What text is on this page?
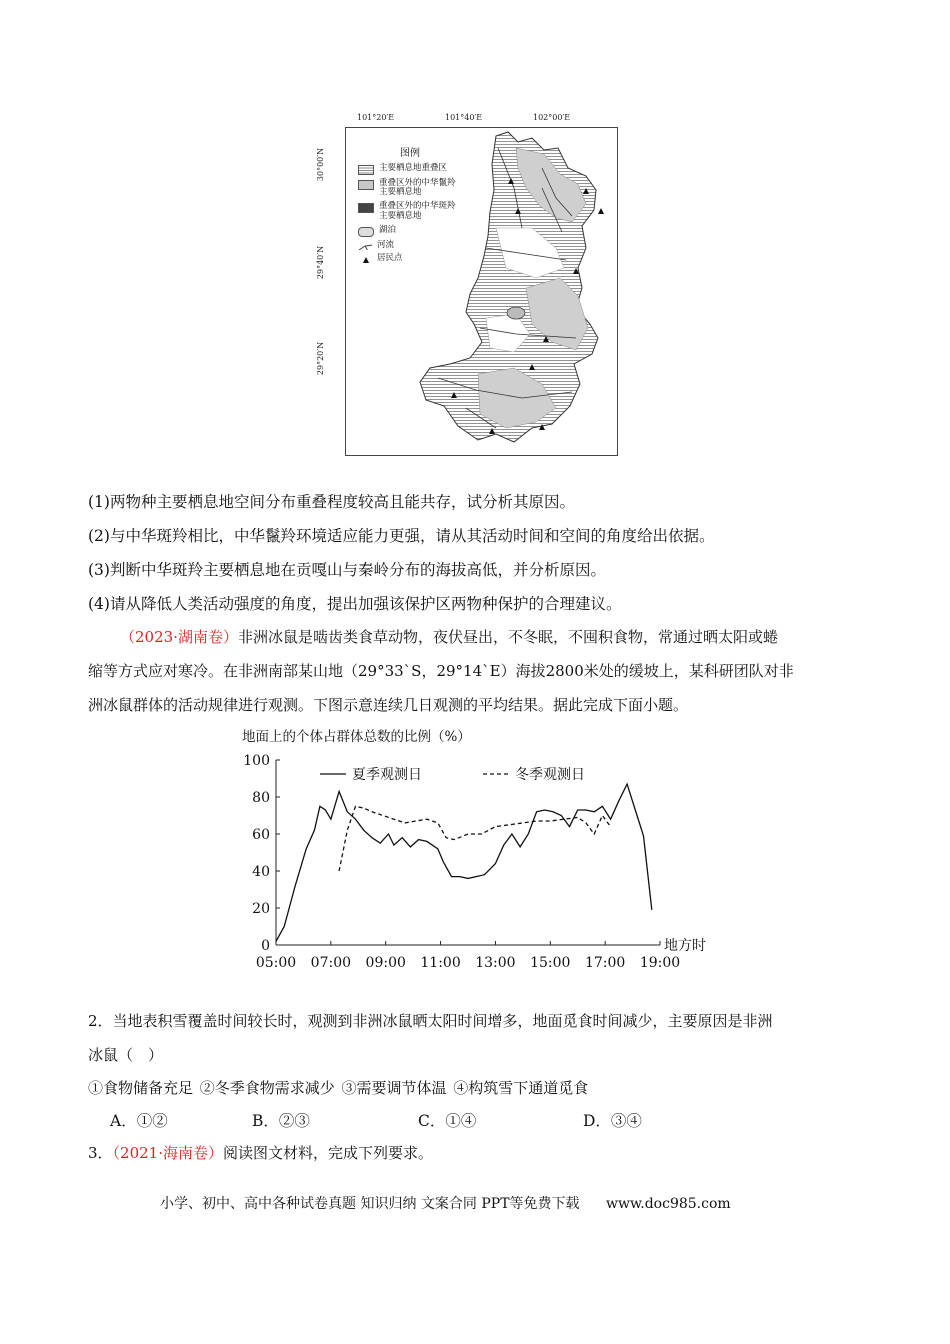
101°20′E	101°40′E	102°00′E
30°00′N
29°40′N
29°20′N
图例
主要栖息地重叠区
重叠区外的中华鬣羚
主要栖息地
重叠区外的中华斑羚
主要栖息地
湖泊
河流
居民点
(1)两物种主要栖息地空间分布重叠程度较高且能共存，试分析其原因。
(2)与中华斑羚相比，中华鬣羚环境适应能力更强，请从其活动时间和空间的角度给出依据。
(3)判断中华斑羚主要栖息地在贡嘎山与秦岭分布的海拔高低，并分析原因。
(4)请从降低人类活动强度的角度，提出加强该保护区两物种保护的合理建议。
（2023·湖南卷）非洲冰鼠是啮齿类食草动物，夜伏昼出，不冬眠，不囤积食物，常通过晒太阳或蜷
缩等方式应对寒冷。在非洲南部某山地（29°33`S，29°14`E）海拔2800米处的缓坡上，某科研团队对非
洲冰鼠群体的活动规律进行观测。下图示意连续几日观测的平均结果。据此完成下面小题。
地面上的个体占群体总数的比例（%）
0
20
40
60
80
100
05:00 07:00 09:00 11:00 13:00 15:00 17:00 19:00
地方时
夏季观测日	冬季观测日
2．当地表积雪覆盖时间较长时，观测到非洲冰鼠晒太阳时间增多，地面觅食时间减少，主要原因是非洲
冰鼠（　）
①食物储备充足 ②冬季食物需求减少 ③需要调节体温 ④构筑雪下通道觅食
A．①②	B．②③	C．①④	D．③④
3．（2021·海南卷）阅读图文材料，完成下列要求。
小学、初中、高中各种试卷真题 知识归纳 文案合同 PPT等免费下载 www.doc985.com
